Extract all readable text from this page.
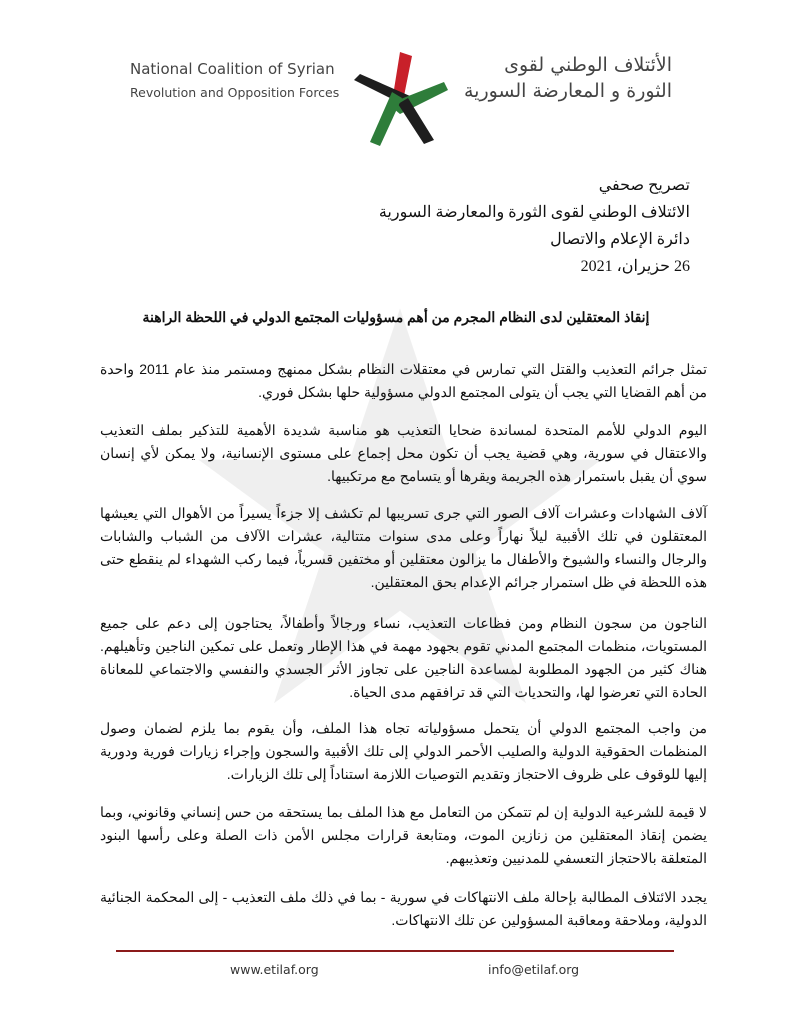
National Coalition of Syrian
Revolution and Opposition Forces
الأئتلاف الوطني لقوى
الثورة و المعارضة السورية
تصريح صحفي
الائتلاف الوطني لقوى الثورة والمعارضة السورية
دائرة الإعلام والاتصال
26 حزيران، 2021
إنقاذ المعتقلين لدى النظام المجرم من أهم مسؤوليات المجتمع الدولي في اللحظة الراهنة
تمثل جرائم التعذيب والقتل التي تمارس في معتقلات النظام بشكل ممنهج ومستمر منذ عام 2011 واحدة من أهم القضايا التي يجب أن يتولى المجتمع الدولي مسؤولية حلها بشكل فوري.
اليوم الدولي للأمم المتحدة لمساندة ضحايا التعذيب هو مناسبة شديدة الأهمية للتذكير بملف التعذيب والاعتقال في سورية، وهي قضية يجب أن تكون محل إجماع على مستوى الإنسانية، ولا يمكن لأي إنسان سوي أن يقبل باستمرار هذه الجريمة ويقرها أو يتسامح مع مرتكبيها.
آلاف الشهادات وعشرات آلاف الصور التي جرى تسريبها لم تكشف إلا جزءاً يسيراً من الأهوال التي يعيشها المعتقلون في تلك الأقبية ليلاً نهاراً وعلى مدى سنوات متتالية، عشرات الآلاف من الشباب والشابات والرجال والنساء والشيوخ والأطفال ما يزالون معتقلين أو مختفين قسرياً، فيما ركب الشهداء لم ينقطع حتى هذه اللحظة في ظل استمرار جرائم الإعدام بحق المعتقلين.
الناجون من سجون النظام ومن فظاعات التعذيب، نساء ورجالاً وأطفالاً، يحتاجون إلى دعم على جميع المستويات، منظمات المجتمع المدني تقوم بجهود مهمة في هذا الإطار وتعمل على تمكين الناجين وتأهيلهم. هناك كثير من الجهود المطلوبة لمساعدة الناجين على تجاوز الأثر الجسدي والنفسي والاجتماعي للمعاناة الحادة التي تعرضوا لها، والتحديات التي قد ترافقهم مدى الحياة.
من واجب المجتمع الدولي أن يتحمل مسؤولياته تجاه هذا الملف، وأن يقوم بما يلزم لضمان وصول المنظمات الحقوقية الدولية والصليب الأحمر الدولي إلى تلك الأقبية والسجون وإجراء زيارات فورية ودورية إليها للوقوف على ظروف الاحتجاز وتقديم التوصيات اللازمة استناداً إلى تلك الزيارات.
لا قيمة للشرعية الدولية إن لم تتمكن من التعامل مع هذا الملف بما يستحقه من حس إنساني وقانوني، وبما يضمن إنقاذ المعتقلين من زنازين الموت، ومتابعة قرارات مجلس الأمن ذات الصلة وعلى رأسها البنود المتعلقة بالاحتجاز التعسفي للمدنيين وتعذيبهم.
يجدد الائتلاف المطالبة بإحالة ملف الانتهاكات في سورية - بما في ذلك ملف التعذيب - إلى المحكمة الجنائية الدولية، وملاحقة ومعاقبة المسؤولين عن تلك الانتهاكات.
www.etilaf.org	info@etilaf.org
